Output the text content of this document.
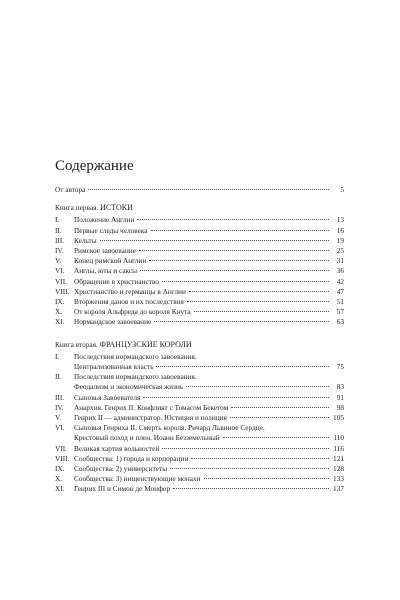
Содержание
От автора	5
Книга первая. ИСТОКИ
I.	Положение Англии	13
II.	Первые следы человека	16
III.	Кельты	19
IV.	Римское завоевание	25
V.	Конец римской Англии	31
VI.	Англы, юты и саксы	36
VII. Обращение в христианство	42
VIII. Христианство и германцы в Англии	47
IX.	Вторжения данов и их последствия	51
X.	От короля Альфреда до короля Кнута	57
XI.	Нормандское завоевание	63
Книга вторая. ФРАНЦУЗСКИЕ КОРОЛИ
I.	Последствия нормандского завоевания.
Централизованная власть	75
II.	Последствия нормандского завоевания.
Феодализм и экономическая жизнь	83
III.	Сыновья Завоевателя	91
IV.	Анархия. Генрих II. Конфликт с Томасом Бекетом	98
V.	Генрих II — администратор. Юстиция и полиция	105
VI.	Сыновья Генриха II. Смерть короля. Ричард Львиное Сердце.
Крестовый поход и плен. Иоанн Безземельный	110
VII. Великая хартия вольностей	116
VIII. Сообщества: 1) города и корпорации	121
IX.	Сообщества: 2) университеты	128
X.	Сообщества: 3) нищенствующие монахи	133
XI.	Генрих III и Симон де Монфор	137
